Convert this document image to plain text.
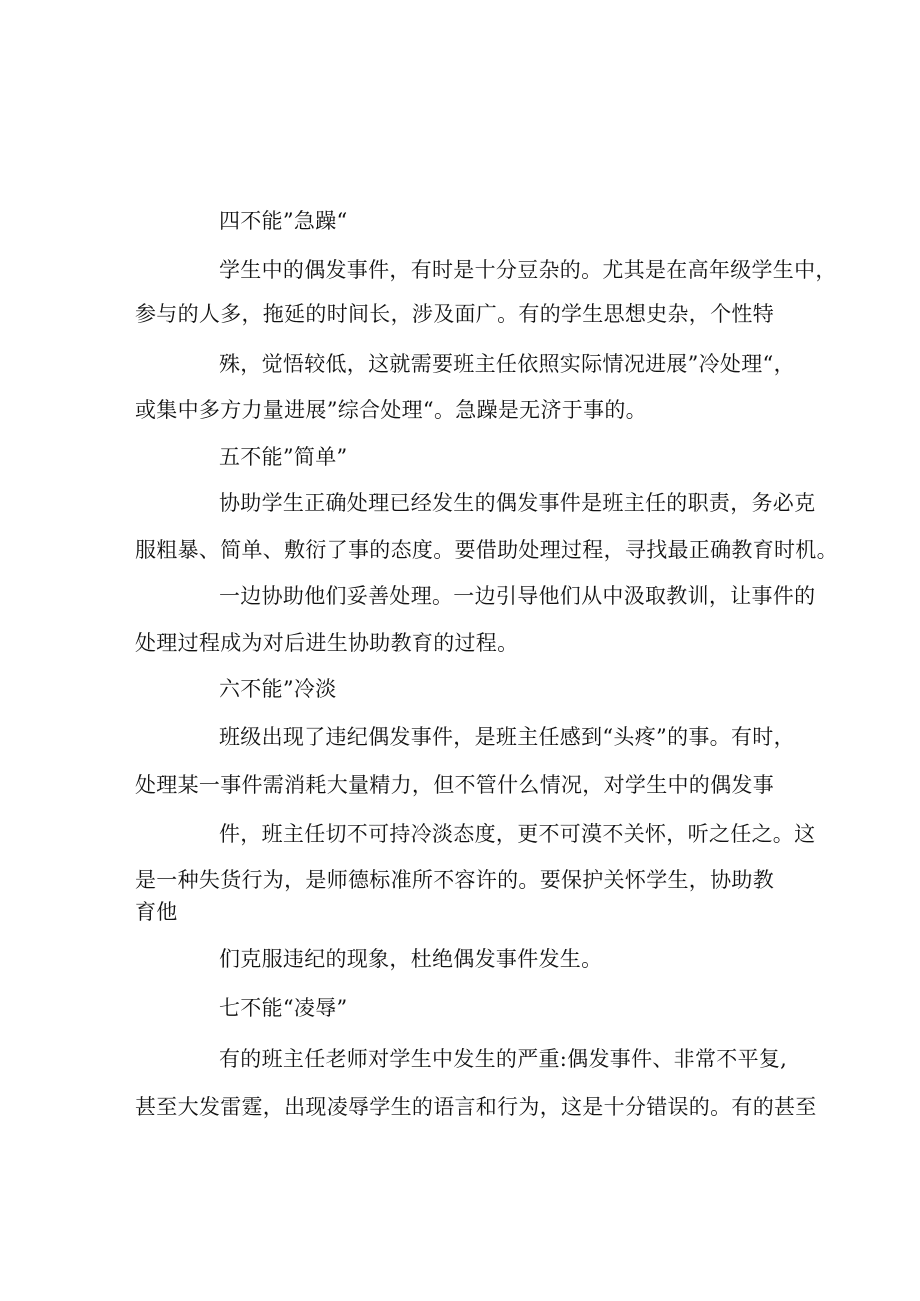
四不能”急躁“
学生中的偶发事件，有时是十分豆杂的。尤其是在高年级学生中，
参与的人多，拖延的时间长，涉及面广。有的学生思想史杂，个性特
殊，觉悟较低，这就需要班主任依照实际情况进展”冷处理“，
或集中多方力量进展”综合处理“。急躁是无济于事的。
五不能”简单”
协助学生正确处理已经发生的偶发事件是班主任的职责，务必克
服粗暴、简单、敷衍了事的态度。要借助处理过程，寻找最正确教育时机。
一边协助他们妥善处理。一边引导他们从中汲取教训，让事件的
处理过程成为对后进生协助教育的过程。
六不能”冷淡
班级出现了违纪偶发事件，是班主任感到“头疼”的事。有时，
处理某一事件需消耗大量精力，但不管什么情况，对学生中的偶发事
件，班主任切不可持冷淡态度，更不可漠不关怀，听之任之。这
是一种失货行为，是师德标准所不容许的。要保护关怀学生，协助教
育他
们克服违纪的现象，杜绝偶发事件发生。
七不能“凌辱”
有的班主任老师对学生中发生的严重:偶发事件、非常不平复,
甚至大发雷霆，出现凌辱学生的语言和行为，这是十分错误的。有的甚至
